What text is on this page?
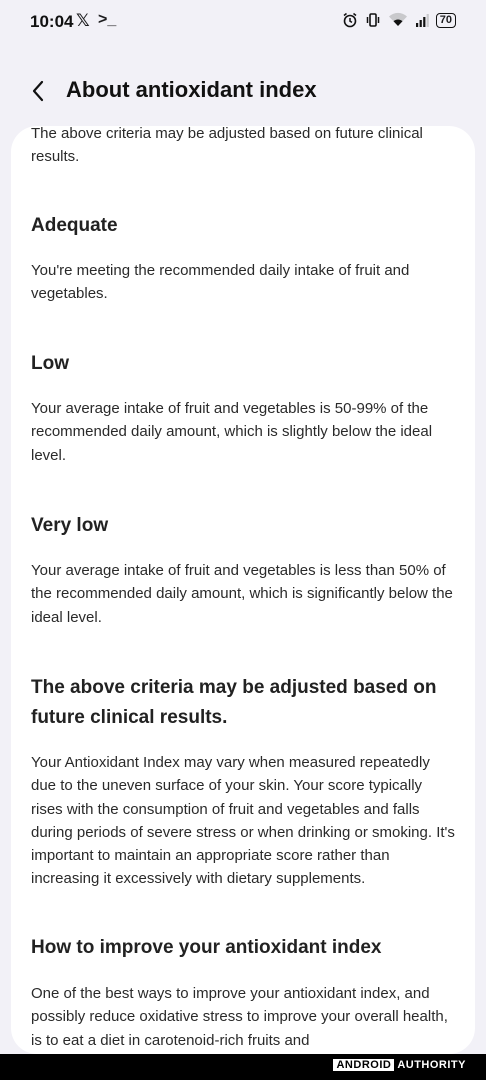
10:04 𝕏 >_	70
About antioxidant index

The above criteria may be adjusted based on future clinical results.

Adequate

You're meeting the recommended daily intake of fruit and vegetables.

Low

Your average intake of fruit and vegetables is 50-99% of the recommended daily amount, which is slightly below the ideal level.

Very low

Your average intake of fruit and vegetables is less than 50% of the recommended daily amount, which is significantly below the ideal level.

The above criteria may be adjusted based on future clinical results.

Your Antioxidant Index may vary when measured repeatedly due to the uneven surface of your skin. Your score typically rises with the consumption of fruit and vegetables and falls during periods of severe stress or when drinking or smoking. It's important to maintain an appropriate score rather than increasing it excessively with dietary supplements.

How to improve your antioxidant index

One of the best ways to improve your antioxidant index, and possibly reduce oxidative stress to improve your overall health, is to eat a diet in carotenoid-rich fruits and

ANDROID AUTHORITY
